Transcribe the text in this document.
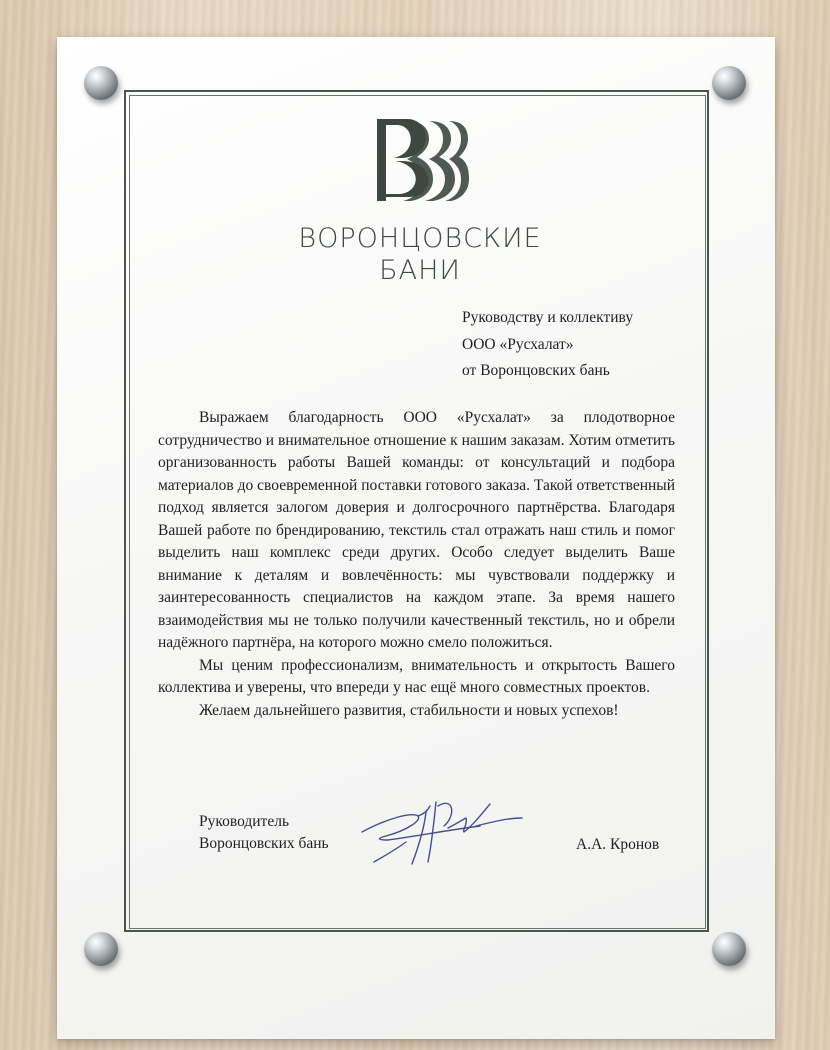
ВОРОНЦОВСКИЕ
БАНИ
Руководству и коллективу
ООО «Русхалат»
от Воронцовских бань

Выражаем благодарность ООО «Русхалат» за плодотворное сотрудничество и внимательное отношение к нашим заказам. Хотим отметить организованность работы Вашей команды: от консультаций и подбора материалов до своевременной поставки готового заказа. Такой ответственный подход является залогом доверия и долгосрочного партнёрства. Благодаря Вашей работе по брендированию, текстиль стал отражать наш стиль и помог выделить наш комплекс среди других. Особо следует выделить Ваше внимание к деталям и вовлечённость: мы чувствовали поддержку и заинтересованность специалистов на каждом этапе. За время нашего взаимодействия мы не только получили качественный текстиль, но и обрели надёжного партнёра, на которого можно смело положиться.

Мы ценим профессионализм, внимательность и открытость Вашего коллектива и уверены, что впереди у нас ещё много совместных проектов.

Желаем дальнейшего развития, стабильности и новых успехов!

Руководитель
Воронцовских бань	А.А. Кронов
